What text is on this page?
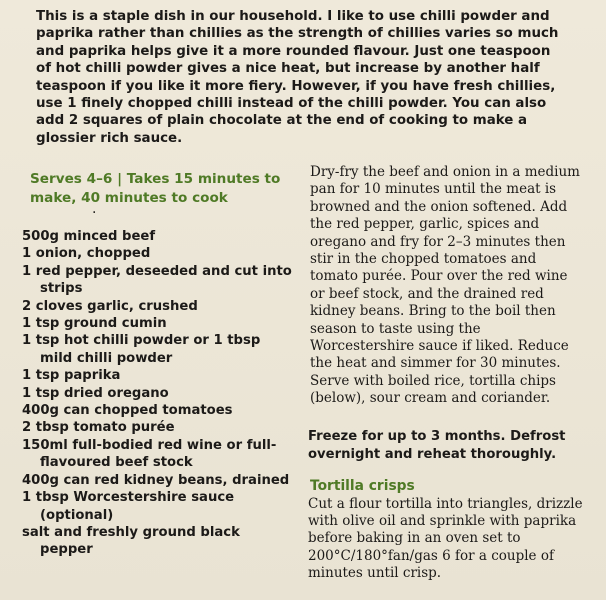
This is a staple dish in our household. I like to use chilli powder and paprika rather than chillies as the strength of chillies varies so much and paprika helps give it a more rounded flavour. Just one teaspoon of hot chilli powder gives a nice heat, but increase by another half teaspoon if you like it more fiery. However, if you have fresh chillies, use 1 finely chopped chilli instead of the chilli powder. You can also add 2 squares of plain chocolate at the end of cooking to make a glossier rich sauce.

Serves 4–6 | Takes 15 minutes to make, 40 minutes to cook

·
500g minced beef
1 onion, chopped
1 red pepper, deseeded and cut into strips
2 cloves garlic, crushed
1 tsp ground cumin
1 tsp hot chilli powder or 1 tbsp mild chilli powder
1 tsp paprika
1 tsp dried oregano
400g can chopped tomatoes
2 tbsp tomato purée
150ml full-bodied red wine or full-flavoured beef stock
400g can red kidney beans, drained
1 tbsp Worcestershire sauce (optional)
salt and freshly ground black pepper

Dry-fry the beef and onion in a medium pan for 10 minutes until the meat is browned and the onion softened. Add the red pepper, garlic, spices and oregano and fry for 2–3 minutes then stir in the chopped tomatoes and tomato purée. Pour over the red wine or beef stock, and the drained red kidney beans. Bring to the boil then season to taste using the Worcestershire sauce if liked. Reduce the heat and simmer for 30 minutes. Serve with boiled rice, tortilla chips (below), sour cream and coriander.

Freeze for up to 3 months. Defrost overnight and reheat thoroughly.

Tortilla crisps

Cut a flour tortilla into triangles, drizzle with olive oil and sprinkle with paprika before baking in an oven set to 200°C/180°fan/gas 6 for a couple of minutes until crisp.
